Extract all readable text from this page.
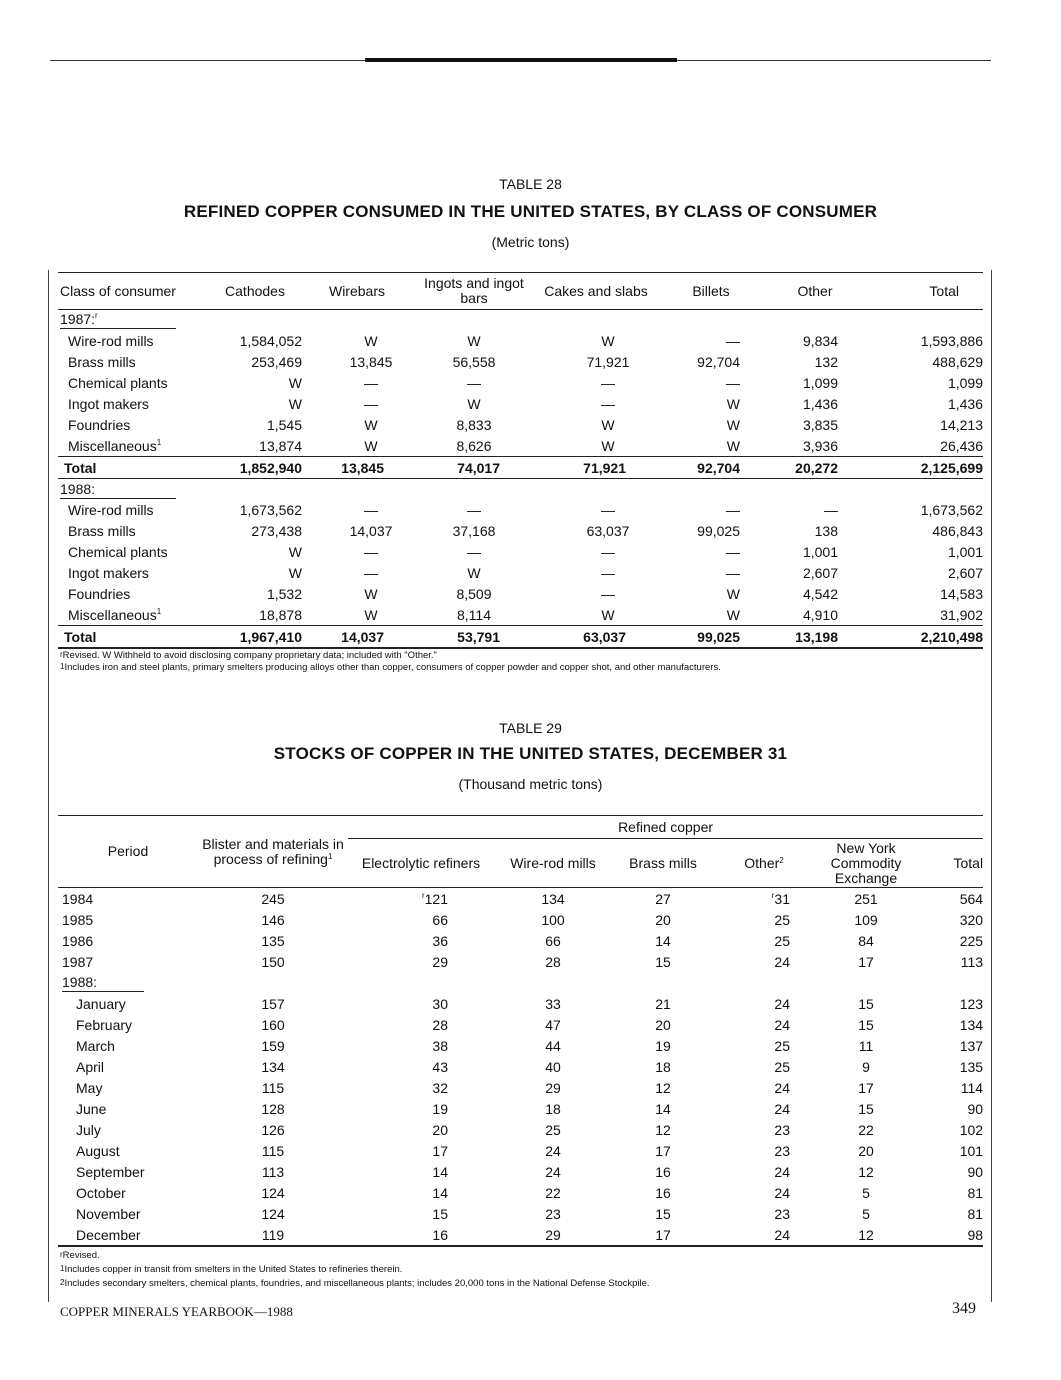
TABLE 28
REFINED COPPER CONSUMED IN THE UNITED STATES, BY CLASS OF CONSUMER
(Metric tons)
Class of consumer	Cathodes	Wirebars	Ingots and ingot bars	Cakes and slabs	Billets	Other	Total
1987:$^r$
Wire-rod mills	1,584,052	W	W	W	—	9,834	1,593,886
Brass mills	253,469	13,845	56,558	71,921	92,704	132	488,629
Chemical plants	W	—	—	—	—	1,099	1,099
Ingot makers	W	—	W	—	W	1,436	1,436
Foundries	1,545	W	8,833	W	W	3,835	14,213
Miscellaneous$^1$	13,874	W	8,626	W	W	3,936	26,436
Total	1,852,940	13,845	74,017	71,921	92,704	20,272	2,125,699
1988:							
Wire-rod mills	1,673,562	—	—	—	—	—	1,673,562
Brass mills	273,438	14,037	37,168	63,037	99,025	138	486,843
Chemical plants	W	—	—	—	—	1,001	1,001
Ingot makers	W	—	W	—	—	2,607	2,607
Foundries	1,532	W	8,509	—	W	4,542	14,583
Miscellaneous$^1$	18,878	W	8,114	W	W	4,910	31,902
Total	1,967,410	14,037	53,791	63,037	99,025	13,198	2,210,498
$^r$Revised. W Withheld to avoid disclosing company proprietary data; included with "Other."
$^1$Includes iron and steel plants, primary smelters producing alloys other than copper, consumers of copper powder and copper shot, and other manufacturers.
TABLE 29
STOCKS OF COPPER IN THE UNITED STATES, DECEMBER 31
(Thousand metric tons)
Period	Blister and materials in process of refining$^1$	Refined copper					
		Electrolytic refiners	Wire-rod mills	Brass mills	Other$^2$	New York Commodity Exchange	Total
1984	245	$^r$121	134	27	$^r$31	251	564
1985	146	66	100	20	25	109	320
1986	135	36	66	14	25	84	225
1987	150	29	28	15	24	17	113
1988:							
January	157	30	33	21	24	15	123
February	160	28	47	20	24	15	134
March	159	38	44	19	25	11	137
April	134	43	40	18	25	9	135
May	115	32	29	12	24	17	114
June	128	19	18	14	24	15	90
July	126	20	25	12	23	22	102
August	115	17	24	17	23	20	101
September	113	14	24	16	24	12	90
October	124	14	22	16	24	5	81
November	124	15	23	15	23	5	81
December	119	16	29	17	24	12	98
$^r$Revised.
$^1$Includes copper in transit from smelters in the United States to refineries therein.
$^2$Includes secondary smelters, chemical plants, foundries, and miscellaneous plants; includes 20,000 tons in the National Defense Stockpile.
COPPER MINERALS YEARBOOK—1988	349
